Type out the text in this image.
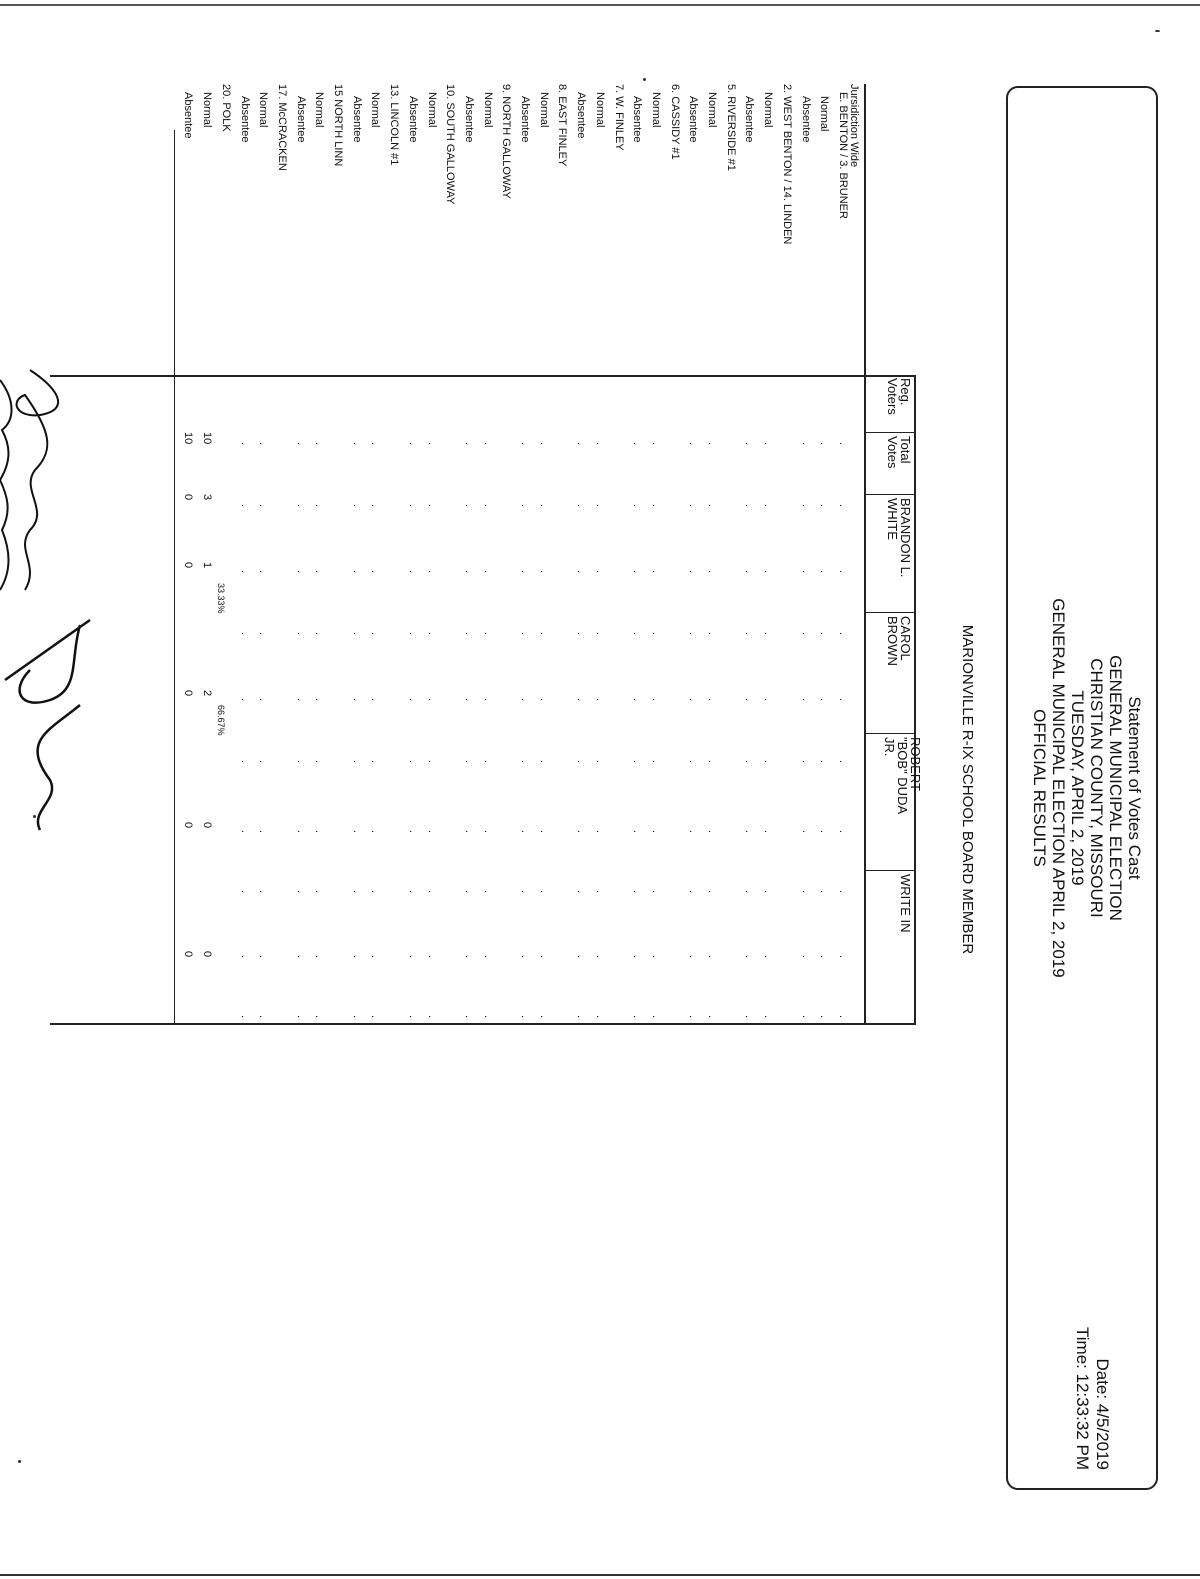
Statement of Votes Cast
GENERAL MUNICIPAL ELECTION
CHRISTIAN COUNTY, MISSOURI
TUESDAY, APRIL 2, 2019
GENERAL MUNICIPAL ELECTION APRIL 2, 2019
OFFICIAL RESULTS
Date: 4/5/2019
Time: 12:33:32 PM
MARIONVILLE R-IX SCHOOL BOARD MEMBER
Reg.
Voters
Total
Votes
BRANDON L.
WHITE
CAROL
BROWN
ROBERT
"BOB" DUDA
JR.
WRITE IN
Jursidiction Wide
E. BENTON / 3. BRUNER
.
.
.
.
.
.
.
.
.
.
Normal
.
.
.
.
.
.
.
.
.
.
Absentee
.
.
.
.
.
.
.
.
.
.
2. WEST BENTON / 14. LINDEN
Normal
.
.
.
.
.
.
.
.
.
.
Absentee
.
.
.
.
.
.
.
.
.
.
5. RIVERSIDE #1
Normal
.
.
.
.
.
.
.
.
.
.
Absentee
.
.
.
.
.
.
.
.
.
.
6. CASSIDY #1
Normal
.
.
.
.
.
.
.
.
.
.
Absentee
.
.
.
.
.
.
.
.
.
.
7. W. FINLEY
Normal
.
.
.
.
.
.
.
.
.
.
Absentee
.
.
.
.
.
.
.
.
.
.
8. EAST FINLEY
Normal
.
.
.
.
.
.
.
.
.
.
Absentee
.
.
.
.
.
.
.
.
.
.
9. NORTH GALLOWAY
Normal
.
.
.
.
.
.
.
.
.
.
Absentee
.
.
.
.
.
.
.
.
.
.
10. SOUTH GALLOWAY
Normal
.
.
.
.
.
.
.
.
.
.
Absentee
.
.
.
.
.
.
.
.
.
.
13. LINCOLN #1
Normal
.
.
.
.
.
.
.
.
.
.
Absentee
.
.
.
.
.
.
.
.
.
.
15 NORTH LINN
Normal
.
.
.
.
.
.
.
.
.
.
Absentee
.
.
.
.
.
.
.
.
.
.
17. McCRACKEN
Normal
.
.
.
.
.
.
.
.
.
.
Absentee
.
.
.
.
.
.
.
.
.
.
20. POLK
Normal
Absentee
10
3
1
33.33%
2
66.67%
0
0
10
0
0
0
0
0
